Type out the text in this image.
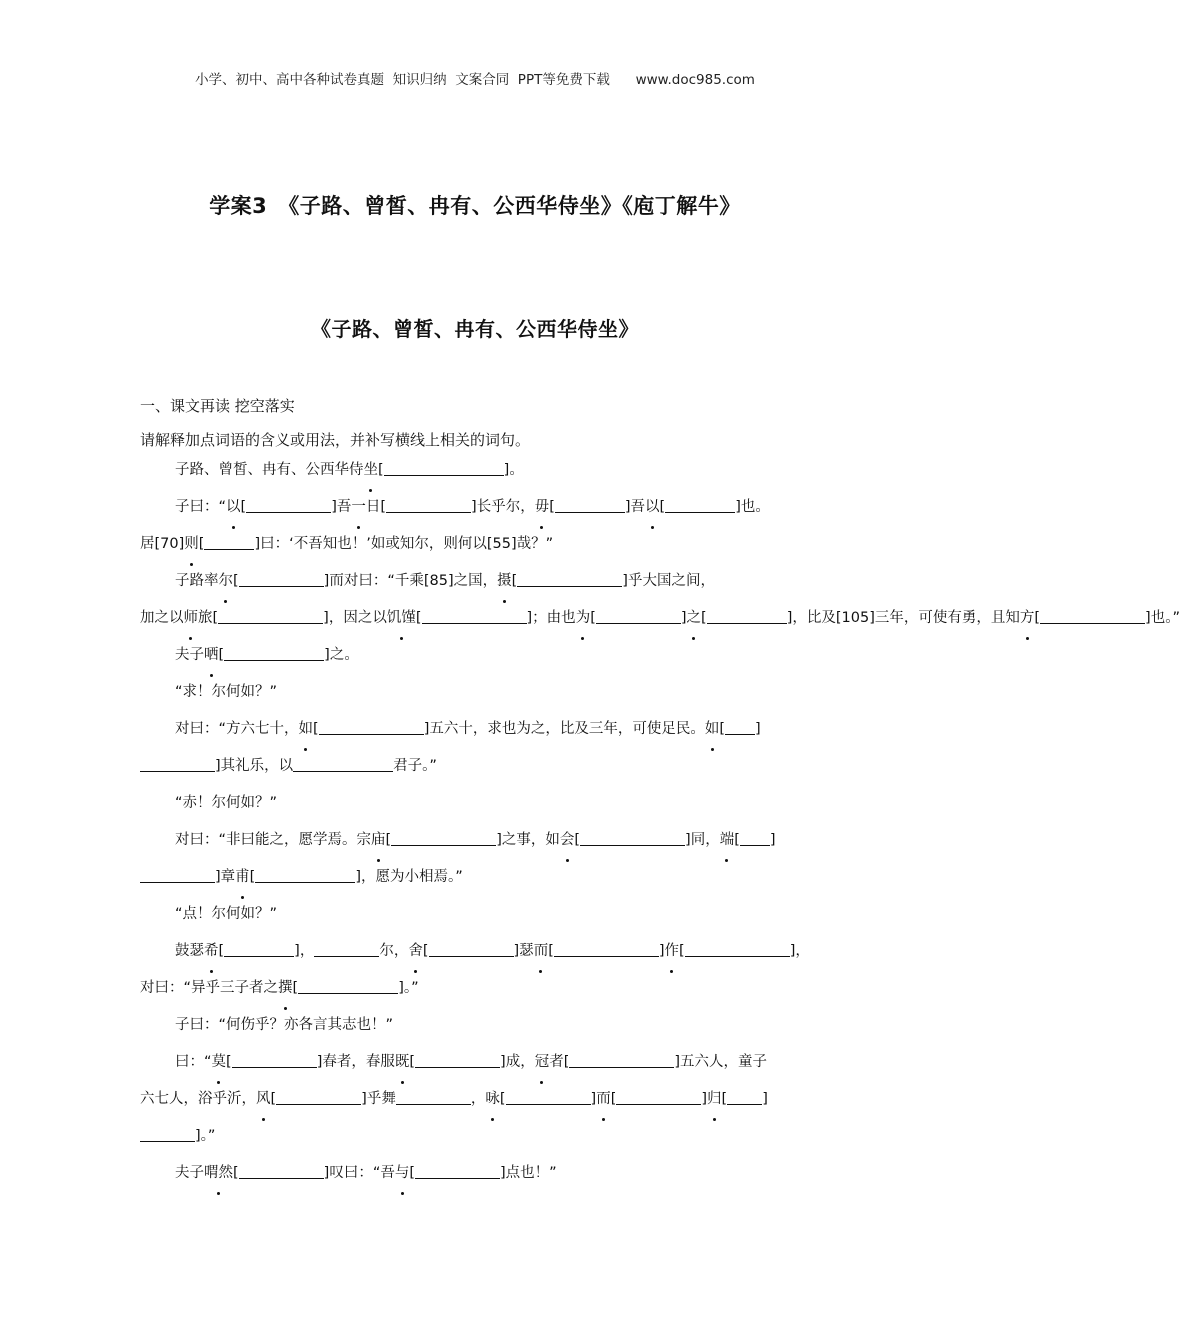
小学、初中、高中各种试卷真题  知识归纳  文案合同  PPT等免费下载 www.doc985.com
学案3　《子路、曾皙、冉有、公西华侍坐》《庖丁解牛》
《子路、曾皙、冉有、公西华侍坐》
一、课文再读 挖空落实
请解释加点词语的含义或用法，并补写横线上相关的词句。
子路、曾皙、冉有、公西华侍坐[	]。
子曰：“以[	]吾一日[	]长乎尔，毋[	]吾以[	]也。
居[70]则[	]曰：‘不吾知也！’如或知尔，则何以[55]哉？”
子路率尔[	]而对曰：“千乘[85]之国，摄[	]乎大国之间，
加之以师旅[	]，因之以饥馑[	]；由也为[	]之[	]，比及[105]三年，可使有勇，且知方[	]也。”
夫子哂[	]之。
“求！尔何如？”
对曰：“方六七十，如[	]五六十，求也为之，比及三年，可使足民。如[ ]
]其礼乐，以	君子。”
“赤！尔何如？”
对曰：“非曰能之，愿学焉。宗庙[	]之事，如会[	]同，端[ ]
]章甫[	]，愿为小相焉。”
“点！尔何如？”
鼓瑟希[	]，	尔，舍[	]瑟而[	]作[	]，
对曰：“异乎三子者之撰[	]。”
子曰：“何伤乎？亦各言其志也！”
曰：“莫[	]春者，春服既[	]成，冠者[	]五六人，童子
六七人，浴乎沂，风[	]乎舞	，咏[	]而[	]归[ ]
]。”
夫子喟然[	]叹曰：“吾与[	]点也！”
